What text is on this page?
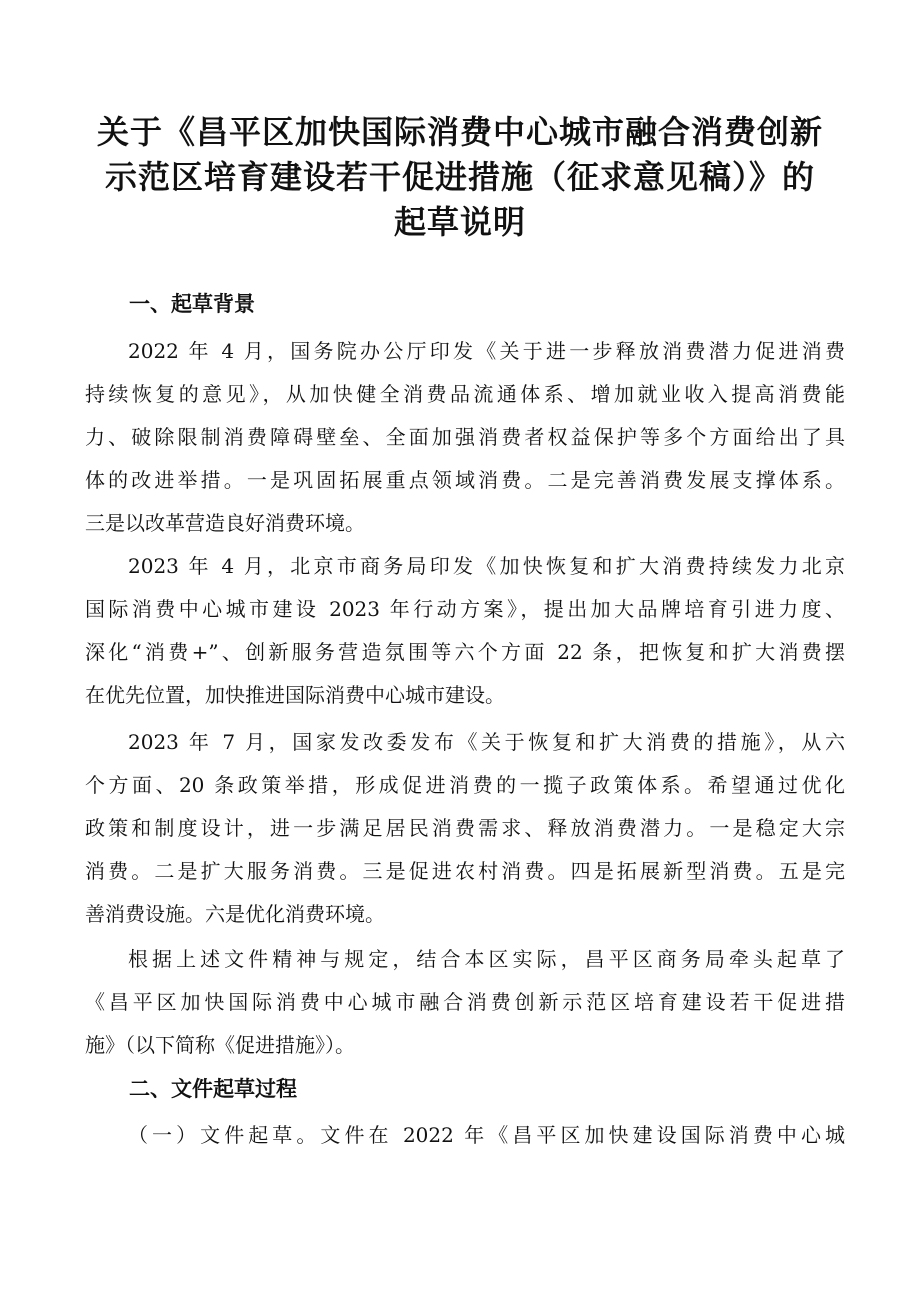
关于《昌平区加快国际消费中心城市融合消费创新
示范区培育建设若干促进措施（征求意见稿）》的
起草说明
一、起草背景
2022 年 4 月，国务院办公厅印发《关于进一步释放消费潜力促进消费
持续恢复的意见》，从加快健全消费品流通体系、增加就业收入提高消费能
力、破除限制消费障碍壁垒、全面加强消费者权益保护等多个方面给出了具
体的改进举措。一是巩固拓展重点领域消费。二是完善消费发展支撑体系。
三是以改革营造良好消费环境。
2023 年 4 月，北京市商务局印发《加快恢复和扩大消费持续发力北京
国际消费中心城市建设 2023 年行动方案》，提出加大品牌培育引进力度、
深化“消费+”、创新服务营造氛围等六个方面 22 条，把恢复和扩大消费摆
在优先位置，加快推进国际消费中心城市建设。
2023 年 7 月，国家发改委发布《关于恢复和扩大消费的措施》，从六
个方面、20 条政策举措，形成促进消费的一揽子政策体系。希望通过优化
政策和制度设计，进一步满足居民消费需求、释放消费潜力。一是稳定大宗
消费。二是扩大服务消费。三是促进农村消费。四是拓展新型消费。五是完
善消费设施。六是优化消费环境。
根据上述文件精神与规定，结合本区实际，昌平区商务局牵头起草了
《昌平区加快国际消费中心城市融合消费创新示范区培育建设若干促进措
施》（以下简称《促进措施》）。
二、文件起草过程
（一）文件起草。文件在 2022 年《昌平区加快建设国际消费中心城
